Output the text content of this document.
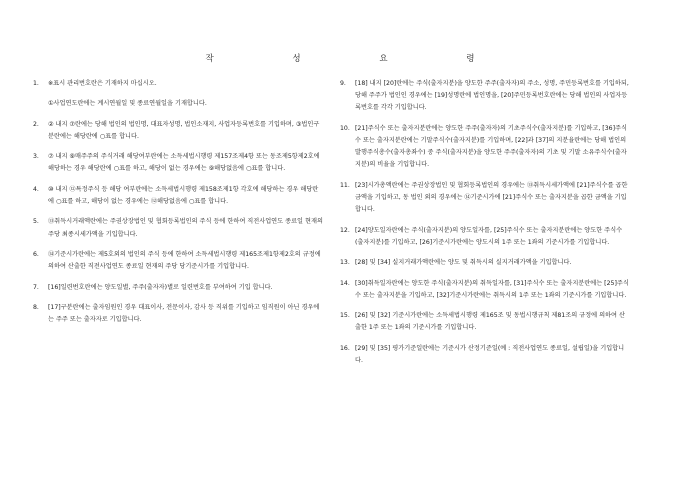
작 성 요 령
1.	※표시 관리번호란은 기재하지 마십시오.
①사업연도란에는 계시연월일 및 종료연월일을 기재합니다.
2.	② 내지 ⑦란에는 당해 법인의 법인명, 대표자성명, 법인소재지, 사업자등록번호를 기입하며, ③법인구분란에는 해당란에 ○표를 합니다.
3.	⑦ 내지 ⑨매주주의 주식거래 해당여부란에는 소득세법시행령 제157조제4항 또는 동조제5항제2호에 해당하는 경우 해당란에 ○표를 하고, 해당이 없는 경우에는 ⑨해당없음에 ○표를 합니다.
4.	⑩ 내지 ⑫특정주식 등 해당 여부란에는 소득세법시행령 제158조제1항 각호에 해당하는 경우 해당란에 ○표를 하고, 해당이 없는 경우에는 ⑫해당없음에 ○표를 합니다.
5.	⑬취득시거래액란에는 주권상장법인 및 협회등록법인의 주식 등에 한하여 직전사업연도 종료일 현재의 주당 최종시세가액을 기입합니다.
6.	⑭기준시가란에는 제5호외의 법인의 주식 등에 한하여 소득세법시행령 제165조제1항제2호의 규정에 의하여 산출한 직전사업연도 종료일 현재의 주당 당기준시가를 기입합니다.
7.	[16]일련번호란에는 양도일별, 주주(출자자)별로 일련번호를 부여하여 기입 합니다.
8.	[17]구분란에는 출자임원인 경우 대표이사, 전문이사, 감사 등 직위를 기입하고 임직원이 아닌 경우에는 주주 또는 출자자로 기입합니다.
9.	[18] 내지 [20]란에는 주식(출자지분)을 양도한 주주(출자자)의 주소, 성명, 주민등록번호를 기입하되, 당해 주주가 법인인 경우에는 [19]성명란에 법인명을, [20]주민등록번호란에는 당해 법인의 사업자등록번호를 각각 기입합니다.
10. [21]주식수 또는 출자지분란에는 양도한 주주(출자자)의 기초주식수(출자지분)를 기입하고, [36]주식수 또는 출자지분란에는 기말주식수(출자지분)를 기입하며, [22]과 [37]의 지분율란에는 당해 법인의 발행주식총수(출자총좌수) 중 주식(출자지분)을 양도한 주주(출자자)의 기초 및 기말 소유주식수(출자지분)의 비율을 기입합니다.
11. [23]시가총액란에는 주권상장법인 및 협회등록법인의 경우에는 ⑬취득시세가액에 [21]주식수를 곱한 금액을 기입하고, 동 법인 외의 경우에는 ⑭기준시가에 [21]주식수 또는 출자지분을 곱한 금액을 기입합니다.
12. [24]양도일자란에는 주식(출자지분)의 양도일자를, [25]주식수 또는 출자지분란에는 양도한 주식수(출자지분)를 기입하고, [26]기준시가란에는 양도시의 1주 또는 1좌의 기준시가를 기입합니다.
13. [28] 및 [34] 실지거래가액란에는 양도 및 취득시의 실지거래가액을 기입합니다.
14. [30]취득일자란에는 양도한 주식(출자지분)의 취득일자를, [31]주식수 또는 출자지분란에는 [25]주식수 또는 출자지분을 기입하고, [32]기준시가란에는 취득시의 1주 또는 1좌의 기준시가를 기입합니다.
15. [26] 및 [32] 기준시가란에는 소득세법시행령 제165조 및 동법시행규칙 제81조의 규정에 의하여 산출한 1주 또는 1좌의 기준시가를 기입합니다.
16. [29] 및 [35] 평가기준일란에는 기준시가 산정기준일(예 : 직전사업연도 종료일, 설립일)을 기입합니다.
